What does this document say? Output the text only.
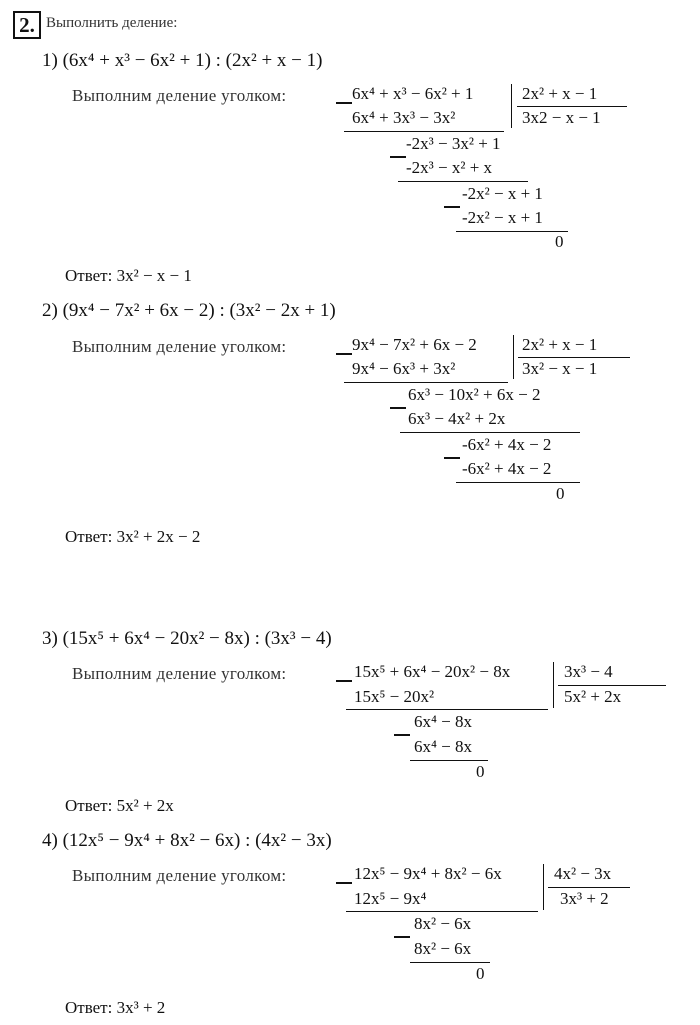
2. Выполнить деление:
1) (6x⁴ + x³ − 6x² + 1) : (2x² + x − 1)
Выполним деление уголком:	6x⁴ + x³ − 6x² + 1	2x² + x − 1
3x2 − x − 1
6x⁴ + 3x³ − 3x²
-2x³ − 3x² + 1
-2x³ − x² + x
-2x² − x + 1
-2x² − x + 1
0
Ответ: 3x² − x − 1
2) (9x⁴ − 7x² + 6x − 2) : (3x² − 2x + 1)
Выполним деление уголком:	9x⁴ − 7x² + 6x − 2	2x² + x − 1
3x² − x − 1
9x⁴ − 6x³ + 3x²
6x³ − 10x² + 6x − 2
6x³ − 4x² + 2x
-6x² + 4x − 2
-6x² + 4x − 2
0
Ответ: 3x² + 2x − 2
3) (15x⁵ + 6x⁴ − 20x² − 8x) : (3x³ − 4)
Выполним деление уголком:	15x⁵ + 6x⁴ − 20x² − 8x	3x³ − 4
5x² + 2x
15x⁵ − 20x²
6x⁴ − 8x
6x⁴ − 8x
0
Ответ: 5x² + 2x
4) (12x⁵ − 9x⁴ + 8x² − 6x) : (4x² − 3x)
Выполним деление уголком:	12x⁵ − 9x⁴ + 8x² − 6x	4x² − 3x
3x³ + 2
12x⁵ − 9x⁴
8x² − 6x
8x² − 6x
0
Ответ: 3x³ + 2
